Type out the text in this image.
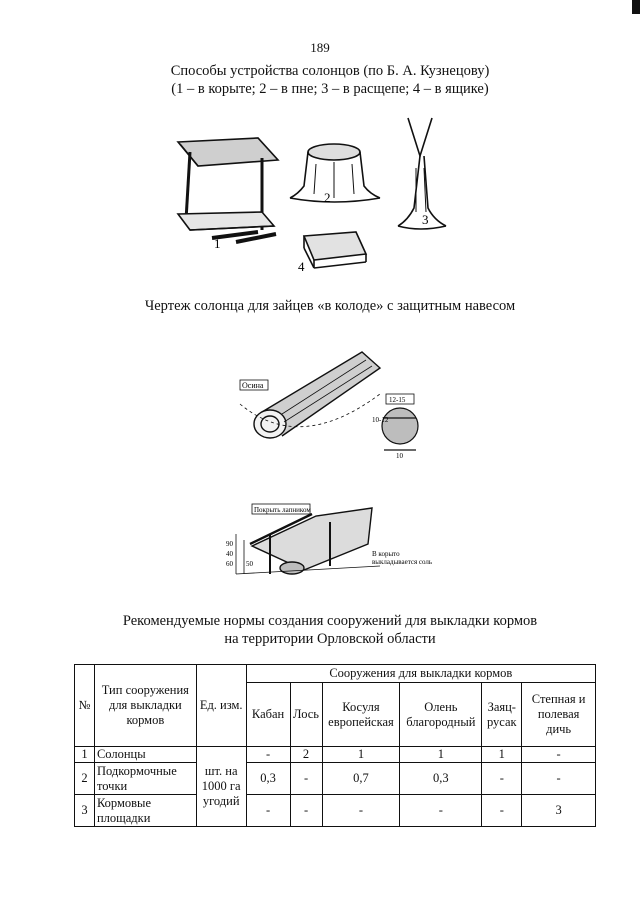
189
Способы устройства солонцов (по Б. А. Кузнецову)
(1 – в корыте; 2 – в пне; 3 – в расщепе; 4 – в ящике)
1
2
3
4
Чертеж солонца для зайцев «в колоде» с защитным навесом
Осина
12-15
10-12
10
Покрыть лапником
90
40
60 50
В корыто
выкладывается соль
Рекомендуемые нормы создания сооружений для выкладки кормов
на территории Орловской области
№	Тип сооружения для выкладки кормов	Ед. изм.	Сооружения для выкладки кормов					
			Кабан	Лось	Косуля европейская	Олень благородный	Заяц-русак	Степная и полевая дичь
1	Солонцы	шт. на 1000 га угодий	-	2	1	1	1	-
2	Подкормочные точки		0,3	-	0,7	0,3	-	-
3	Кормовые площадки		-	-	-	-	-	3
